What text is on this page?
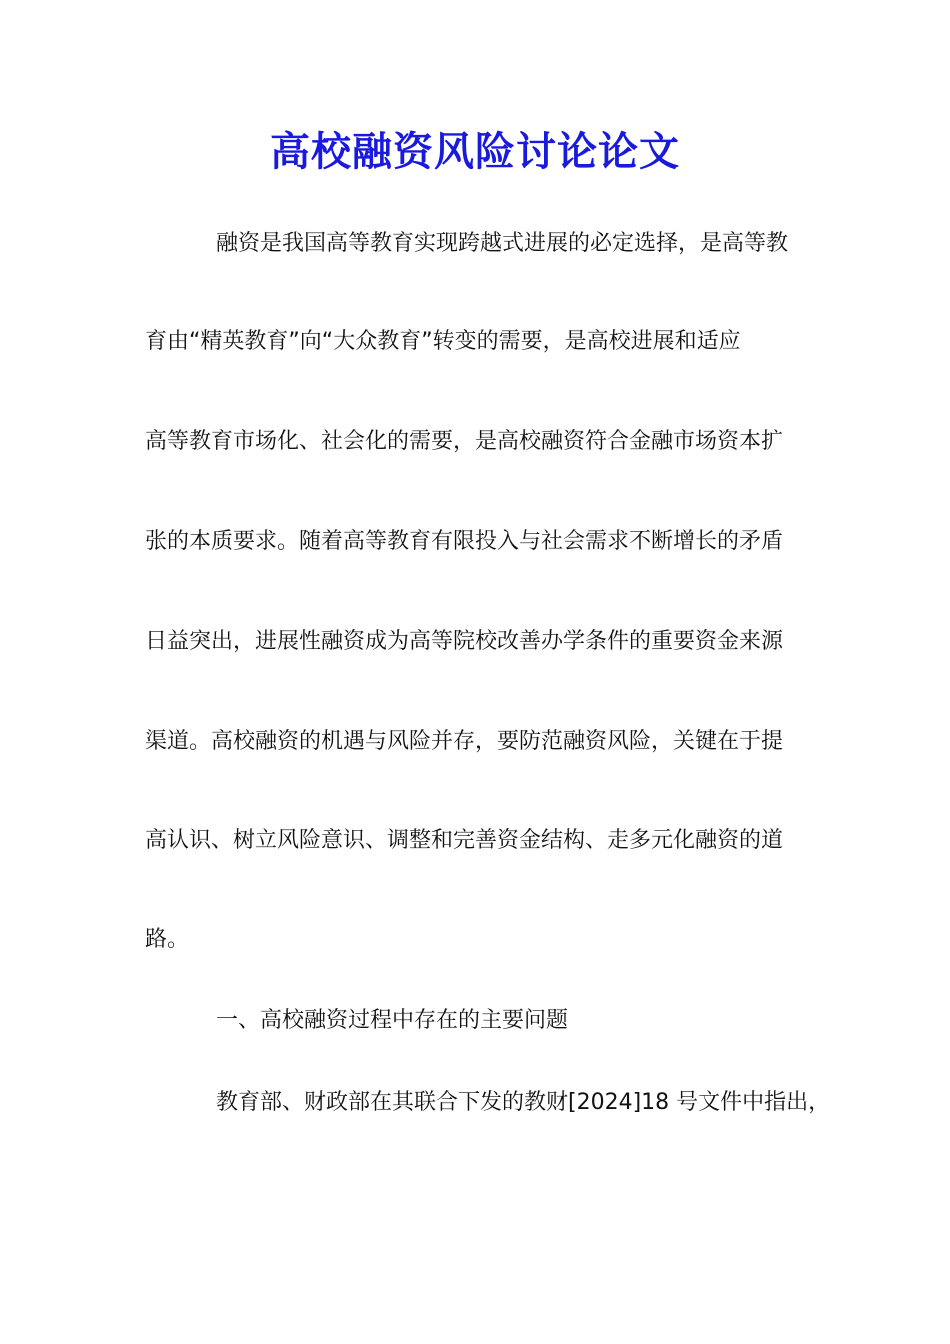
高校融资风险讨论论文
融资是我国高等教育实现跨越式进展的必定选择，是高等教
育由“精英教育”向“大众教育”转变的需要，是高校进展和适应
高等教育市场化、社会化的需要，是高校融资符合金融市场资本扩
张的本质要求。随着高等教育有限投入与社会需求不断增长的矛盾
日益突出，进展性融资成为高等院校改善办学条件的重要资金来源
渠道。高校融资的机遇与风险并存，要防范融资风险，关键在于提
高认识、树立风险意识、调整和完善资金结构、走多元化融资的道
路。
一、高校融资过程中存在的主要问题
教育部、财政部在其联合下发的教财[2024]18 号文件中指出，
